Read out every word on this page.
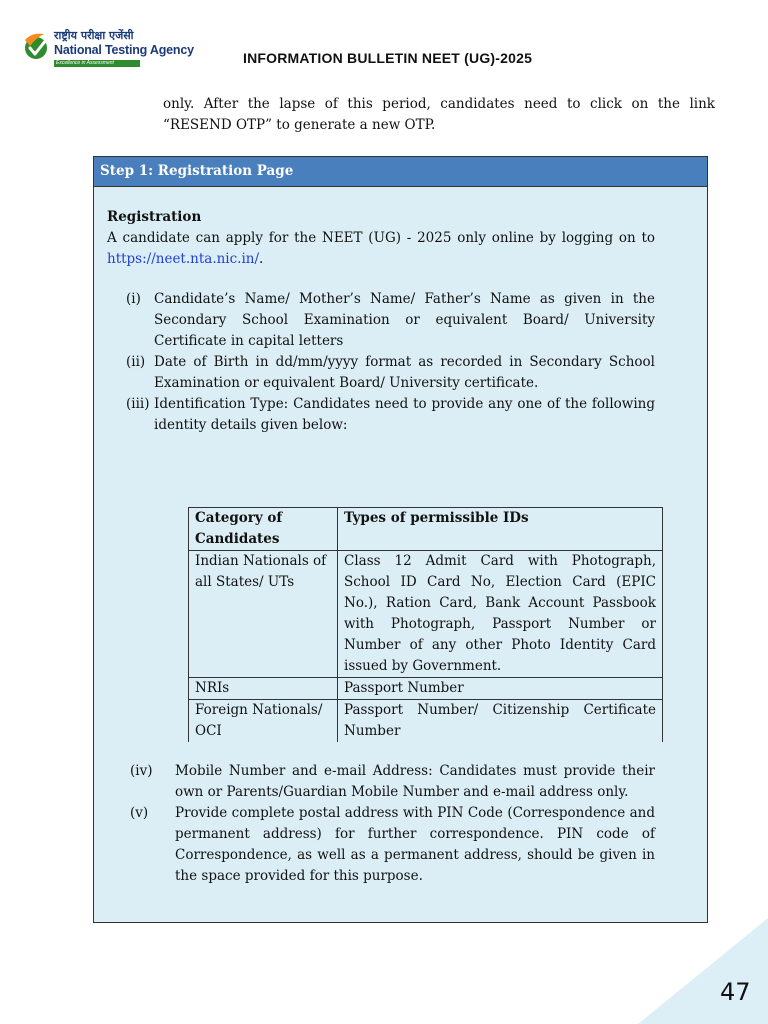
राष्ट्रीय परीक्षा एजेंसी
National Testing Agency
Excellence in Assessment	INFORMATION BULLETIN NEET (UG)-2025
only. After the lapse of this period, candidates need to click on the link
“RESEND OTP” to generate a new OTP.
Step 1: Registration Page
Registration

A candidate can apply for the NEET (UG) - 2025 only online by logging on to https://neet.nta.nic.in/.

(i) Candidate’s Name/ Mother’s Name/ Father’s Name as given in the Secondary School Examination or equivalent Board/ University Certificate in capital letters
(ii) Date of Birth in dd/mm/yyyy format as recorded in Secondary School Examination or equivalent Board/ University certificate.
(iii) Identification Type: Candidates need to provide any one of the following identity details given below:
Category of Candidates	Types of permissible IDs
Indian Nationals of all States/ UTs	Class 12 Admit Card with Photograph, School ID Card No, Election Card (EPIC No.), Ration Card, Bank Account Passbook with Photograph, Passport Number or Number of any other Photo Identity Card issued by Government.
NRIs	Passport Number
Foreign Nationals/ OCI	Passport Number/ Citizenship Certificate Number
(iv) Mobile Number and e-mail Address: Candidates must provide their own or Parents/Guardian Mobile Number and e-mail address only.
(v) Provide complete postal address with PIN Code (Correspondence and permanent address) for further correspondence. PIN code of Correspondence, as well as a permanent address, should be given in the space provided for this purpose.
47
